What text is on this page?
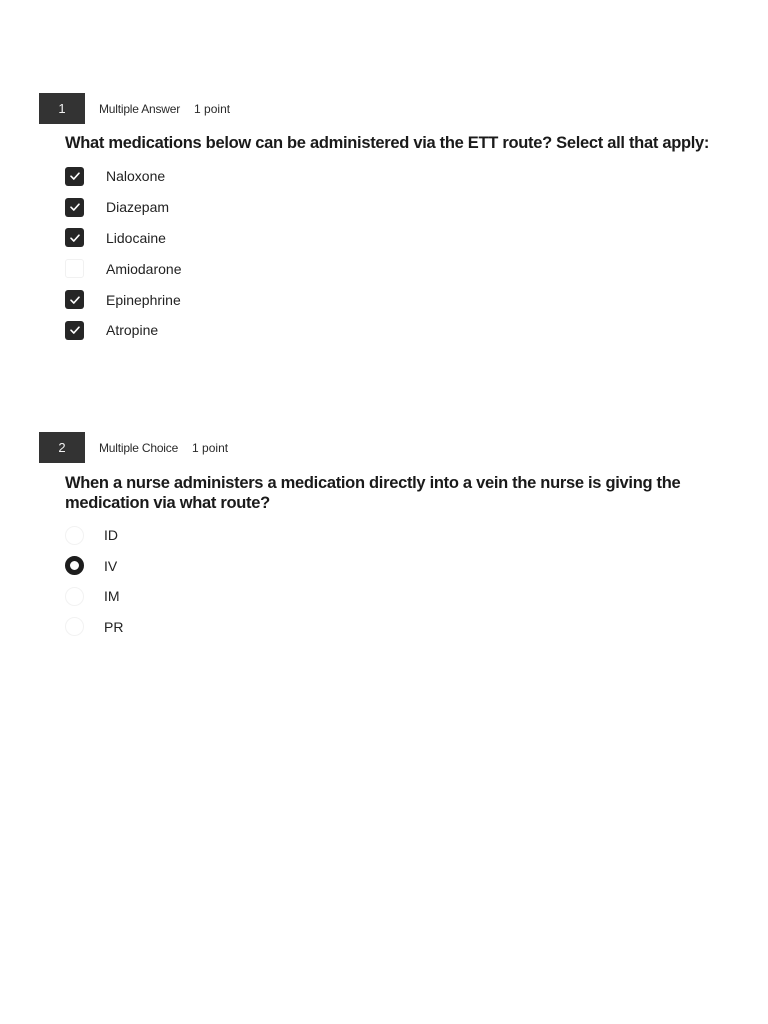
1	Multiple Answer 1 point
What medications below can be administered via the ETT route? Select all that apply:
Naloxone
Diazepam
Lidocaine
Amiodarone
Epinephrine
Atropine
2	Multiple Choice 1 point
When a nurse administers a medication directly into a vein the nurse is giving the medication via what route?
ID
IV
IM
PR
